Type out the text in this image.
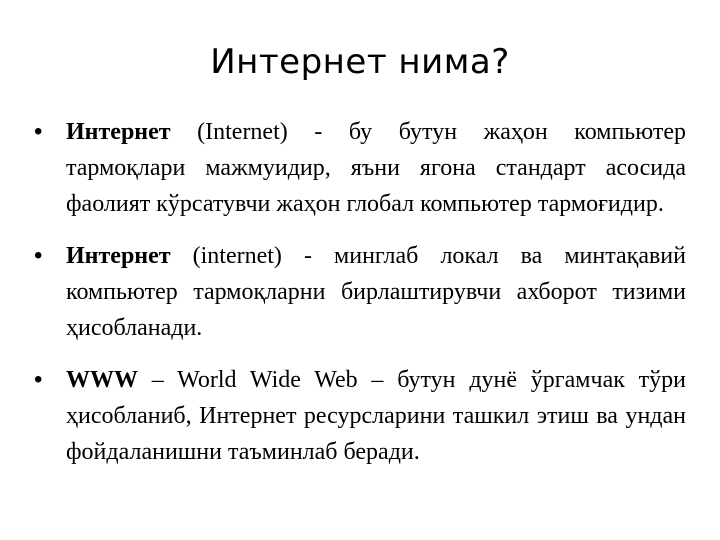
Интернет нима?
• Интернет (Internet) - бу бутун жаҳон компьютер тармоқлари мажмуидир, яъни ягона стандарт асосида фаолият кўрсатувчи жаҳон глобал компьютер тармоғидир.
• Интернет (internet) - минглаб локал ва минтақавий компьютер тармоқларни бирлаштирувчи ахборот тизими ҳисобланади.
• WWW – World Wide Web – бутун дунё ўргамчак тўри ҳисобланиб, Интернет ресурсларини ташкил этиш ва ундан фойдаланишни таъминлаб беради.
